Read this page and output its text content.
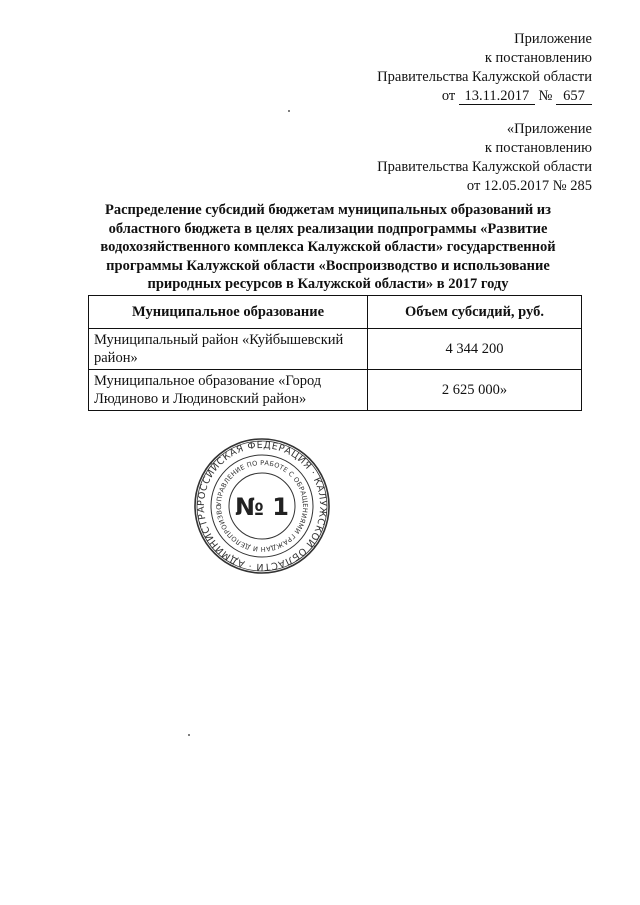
Приложение
к постановлению
Правительства Калужской области
от 13.11.2017 № 657
«Приложение
к постановлению
Правительства Калужской области
от 12.05.2017 № 285
Распределение субсидий бюджетам муниципальных образований из областного бюджета в целях реализации подпрограммы «Развитие водохозяйственного комплекса Калужской области» государственной программы Калужской области «Воспроизводство и использование природных ресурсов в Калужской области» в 2017 году
Муниципальное образование	Объем субсидий, руб.
Муниципальный район «Куйбышевский район»	4 344 200
Муниципальное образование «Город Людиново и Людиновский район»	2 625 000»
РОССИЙСКАЯ ФЕДЕРАЦИЯ · КАЛУЖСКОЙ ОБЛАСТИ · АДМИНИСТРА
УПРАВЛЕНИЕ ПО РАБОТЕ С ОБРАЩЕНИЯМИ ГРАЖДАН И ДЕЛОПРОИЗВО № 1
